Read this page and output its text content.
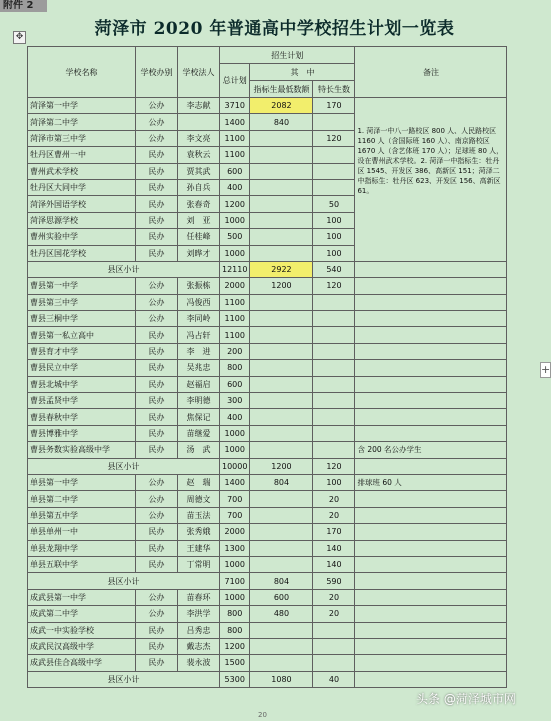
附件 2
菏泽市 2020 年普通高中学校招生计划一览表
✥
学校名称	学校办别	学校法人	招生计划			备注
			总计划	其　中		
				指标生最低数额	特长生数	
菏泽第一中学	公办	李志献	3710	2082	170	1. 菏泽一中八一路校区 800 人、人民路校区 1160 人（含国际班 160 人）、南京路校区 1670 人（含艺体班 170 人）；足球班 80 人，设在曹州武术学校。2. 菏泽一中指标生：牡丹区 1545、开发区 386、高新区 151；菏泽二中指标生：牡丹区 623、开发区 156、高新区 61。
菏泽第二中学	公办		1400	840		
菏泽市第三中学	公办	李文亮	1100		120	
牡丹区曹州一中	民办	袁秋云	1100			
曹州武术学校	民办	贾其武	600			
牡丹区大同中学	民办	孙自兵	400			
菏泽外国语学校	民办	张春奇	1200		50	
菏泽思源学校	民办	刘　亚	1000		100	
曹州实验中学	民办	任桂峰	500		100	
牡丹区国花学校	民办	刘晔才	1000		100	
县区小计			12110	2922	540	
曹县第一中学	公办	张振栋	2000	1200	120	
曹县第三中学	公办	冯俊西	1100			
曹县三桐中学	公办	李同岭	1100			
曹县第一私立高中	民办	冯占轩	1100			
曹县育才中学	民办	李　进	200			
曹县民立中学	民办	吴兆忠	800			
曹县北城中学	民办	赵福启	600			
曹县孟贤中学	民办	李明德	300			
曹县春秋中学	民办	焦保记	400			
曹县博雅中学	民办	苗继爱	1000			
曹县务数实验高级中学	民办	汤　武	1000			含 200 名公办学生
县区小计			10000	1200	120	
单县第一中学	公办	赵　瑞	1400	804	100	排球班 60 人
单县第二中学	公办	周德文	700		20	
单县第五中学	公办	苗玉法	700		20	
单县单州一中	民办	张秀娥	2000		170	
单县龙翔中学	民办	王建华	1300		140	
单县五联中学	民办	丁常明	1000		140	
县区小计			7100	804	590	
成武县第一中学	公办	苗春环	1000	600	20	
成武第二中学	公办	李洪学	800	480	20	
成武一中实验学校	民办	吕秀忠	800			
成武民汉高级中学	民办	戴志杰	1200			
成武县佳合高级中学	民办	裴永波	1500			
县区小计			5300	1080	40	
+
头条 @菏泽城市网
20
